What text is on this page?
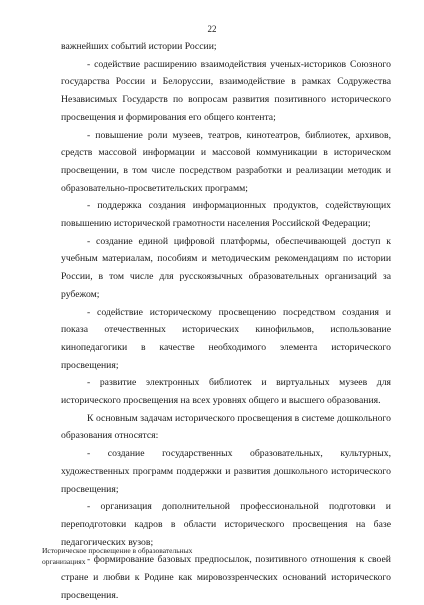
22

важнейших событий истории России;

- содействие расширению взаимодействия ученых-историков Союзного государства России и Белоруссии, взаимодействие в рамках Содружества Независимых Государств по вопросам развития позитивного исторического просвещения и формирования его общего контента;

- повышение роли музеев, театров, кинотеатров, библиотек, архивов, средств массовой информации и массовой коммуникации в историческом просвещении, в том числе посредством разработки и реализации методик и образовательно-просветительских программ;

- поддержка создания информационных продуктов, содействующих повышению исторической грамотности населения Российской Федерации;

- создание единой цифровой платформы, обеспечивающей доступ к учебным материалам, пособиям и методическим рекомендациям по истории России, в том числе для русскоязычных образовательных организаций за рубежом;

- содействие историческому просвещению посредством создания и показа отечественных исторических кинофильмов, использование кинопедагогики в качестве необходимого элемента исторического просвещения;

- развитие электронных библиотек и виртуальных музеев для исторического просвещения на всех уровнях общего и высшего образования.

К основным задачам исторического просвещения в системе дошкольного образования относятся:

- создание государственных образовательных, культурных, художественных программ поддержки и развития дошкольного исторического просвещения;

- организация дополнительной профессиональной подготовки и переподготовки кадров в области исторического просвещения на базе педагогических вузов;

- формирование базовых предпосылок, позитивного отношения к своей стране и любви к Родине как мировоззренческих оснований исторического просвещения.

Историческое просвещение в образовательных
организациях
